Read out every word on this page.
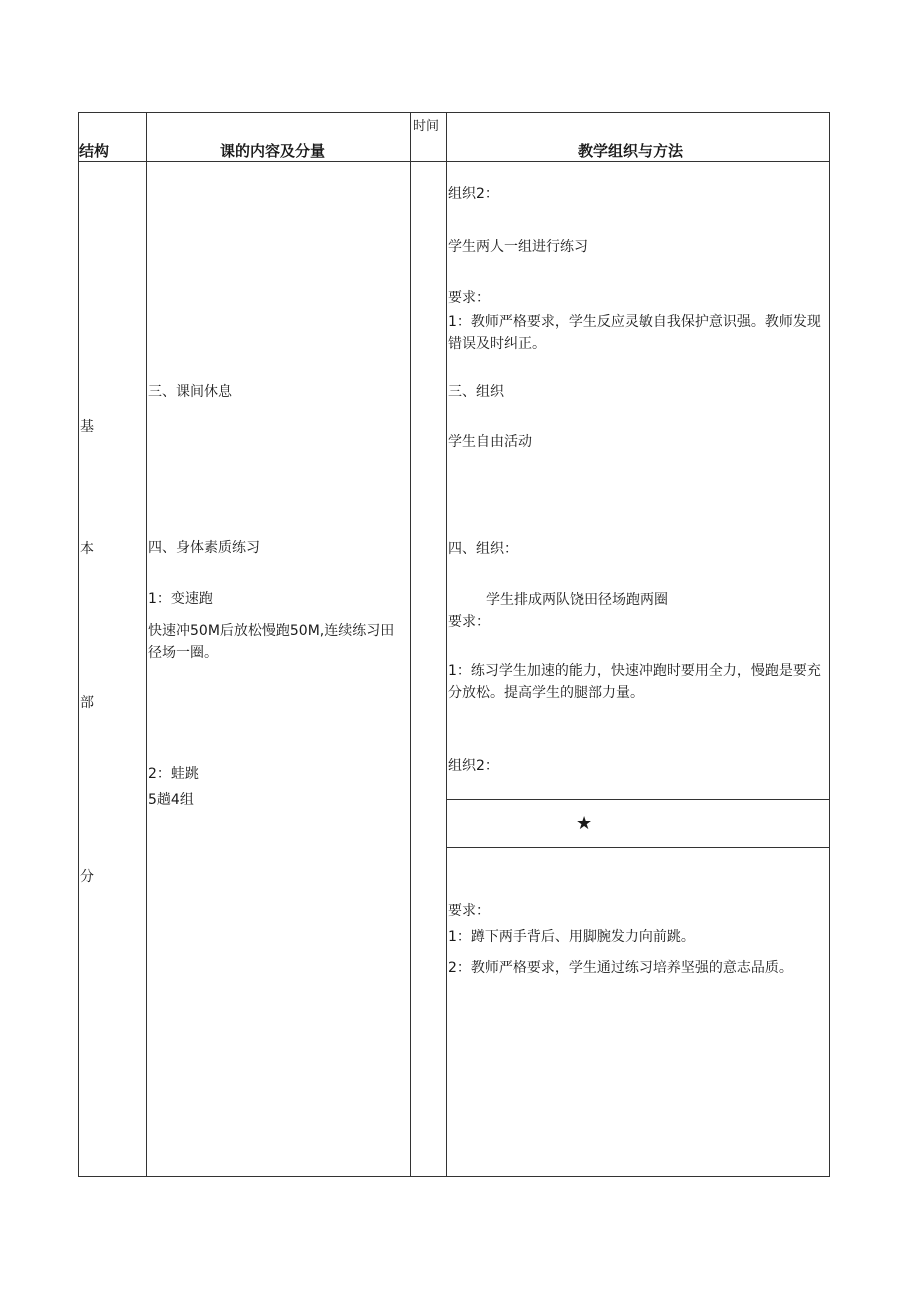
结构	课的内容及分量
时间
教学组织与方法
基
本
部
分
三、课间休息
四、身体素质练习
1：变速跑
快速冲50M后放松慢跑50M,连续练习田径场一圈。
2：蛙跳
5趟4组
组织2：
学生两人一组进行练习
要求：
1：教师严格要求，学生反应灵敏自我保护意识强。教师发现错误及时纠正。
三、组织
学生自由活动
四、组织：
学生排成两队饶田径场跑两圈
要求：
1：练习学生加速的能力，快速冲跑时要用全力，慢跑是要充分放松。提高学生的腿部力量。
组织2：
★
要求：
1：蹲下两手背后、用脚腕发力向前跳。
2：教师严格要求，学生通过练习培养坚强的意志品质。
